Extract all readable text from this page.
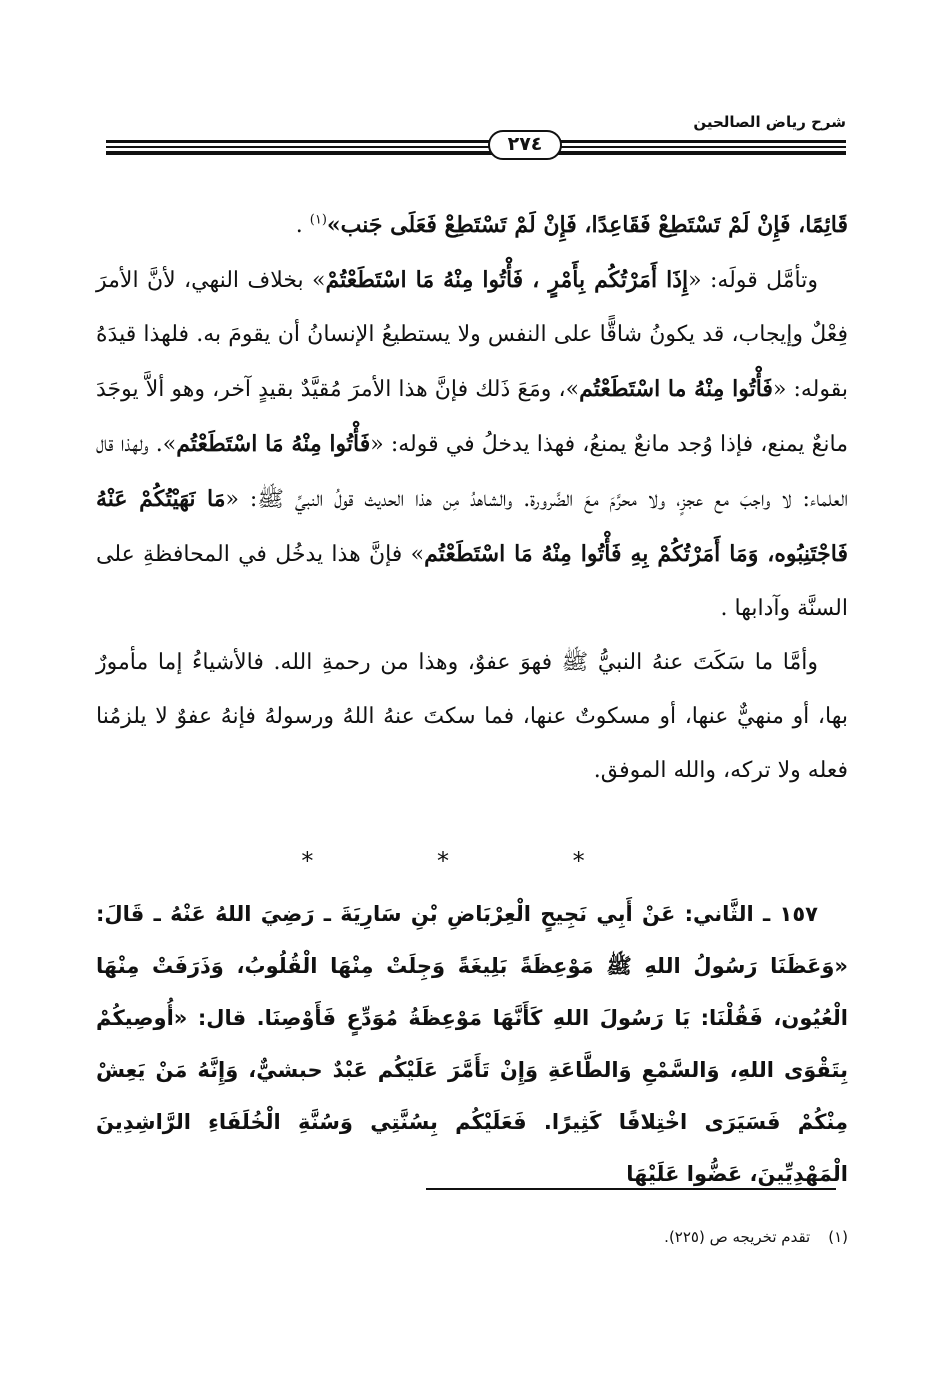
شرح رياض الصالحين
٢٧٤

قَائِمًا، فَإِنْ لَمْ تَسْتَطِعْ فَقَاعِدًا، فَإِنْ لَمْ تَسْتَطِعْ فَعَلَى جَنب»$^{(١)}$ .

وتأمَّل قولَه: «إِذَا أَمَرْتُكُم بِأَمْرٍ ، فَأْتُوا مِنْهُ مَا اسْتَطَعْتُمْ» بخلاف النهي، لأنَّ الأمرَ فِعْلٌ وإيجاب، قد يكونُ شاقًّا على النفس ولا يستطيعُ الإنسانُ أن يقومَ به. فلهذا قيدَهُ بقوله: «فَأْتُوا مِنْهُ ما اسْتَطَعْتُم»، ومَعَ ذَلك فإنَّ هذا الأمرَ مُقيَّدٌ بقيدٍ آخر، وهو ألاَّ يوجَدَ مانعٌ يمنع، فإذا وُجد مانعٌ يمنعُ، فهذا يدخلُ في قوله: «فَأْتُوا مِنْهُ مَا اسْتَطَعْتُم». ولهذا قال العلماء: لا واجبَ مع عجزٍ، ولا محرَّمَ معَ الضَّرورة. والشاهدُ مِن هذا الحديث قولُ النبيِّ ﷺ: «مَا نَهَيْتُكُمْ عَنْهُ فَاجْتَنِبُوه، وَمَا أَمَرْتُكُمْ بِهِ فَأْتُوا مِنْهُ مَا اسْتَطَعْتُم» فإنَّ هذا يدخُل في المحافظةِ على السنَّة وآدابها .

وأمَّا ما سَكَتَ عنهُ النبيُّ ﷺ فهوَ عفوٌ، وهذا من رحمةِ الله. فالأشياءُ إما مأمورٌ بها، أو منهيٌّ عنها، أو مسكوتٌ عنها، فما سكتَ عنهُ اللهُ ورسولهُ فإنهُ عفوٌ لا يلزمُنا فعله ولا تركه، والله الموفق.

* * *
١٥٧ ـ الثَّاني: عَنْ أَبِي نَجِيحٍ الْعِرْبَاضِ بْنِ سَارِيَةَ ـ رَضِيَ اللهُ عَنْهُ ـ قَالَ: «وَعَظَنَا رَسُولُ اللهِ ﷺ مَوْعِظَةً بَلِيغَةً وَجِلَتْ مِنْهَا الْقُلُوبُ، وَذَرَفَتْ مِنْهَا الْعُيُون، فَقُلْنَا: يَا رَسُولَ اللهِ كَأَنَّهَا مَوْعِظَةُ مُوَدِّعٍ فَأَوْصِنَا. قال: «أُوصِيكُمْ بِتَقْوَى اللهِ، وَالسَّمْعِ وَالطَّاعَةِ وَإِنْ تَأَمَّرَ عَلَيْكُم عَبْدٌ حبشيٌّ، وَإِنَّهُ مَنْ يَعِشْ مِنْكُمْ فَسَيَرَى اخْتِلافًا كَثِيرًا. فَعَلَيْكُم بِسُنَّتِي وَسُنَّةِ الْخُلَفَاءِ الرَّاشِدِينَ الْمَهْدِيِّينَ، عَضُّوا عَلَيْهَا
(١)تقدم تخريجه ص (٢٢٥).
